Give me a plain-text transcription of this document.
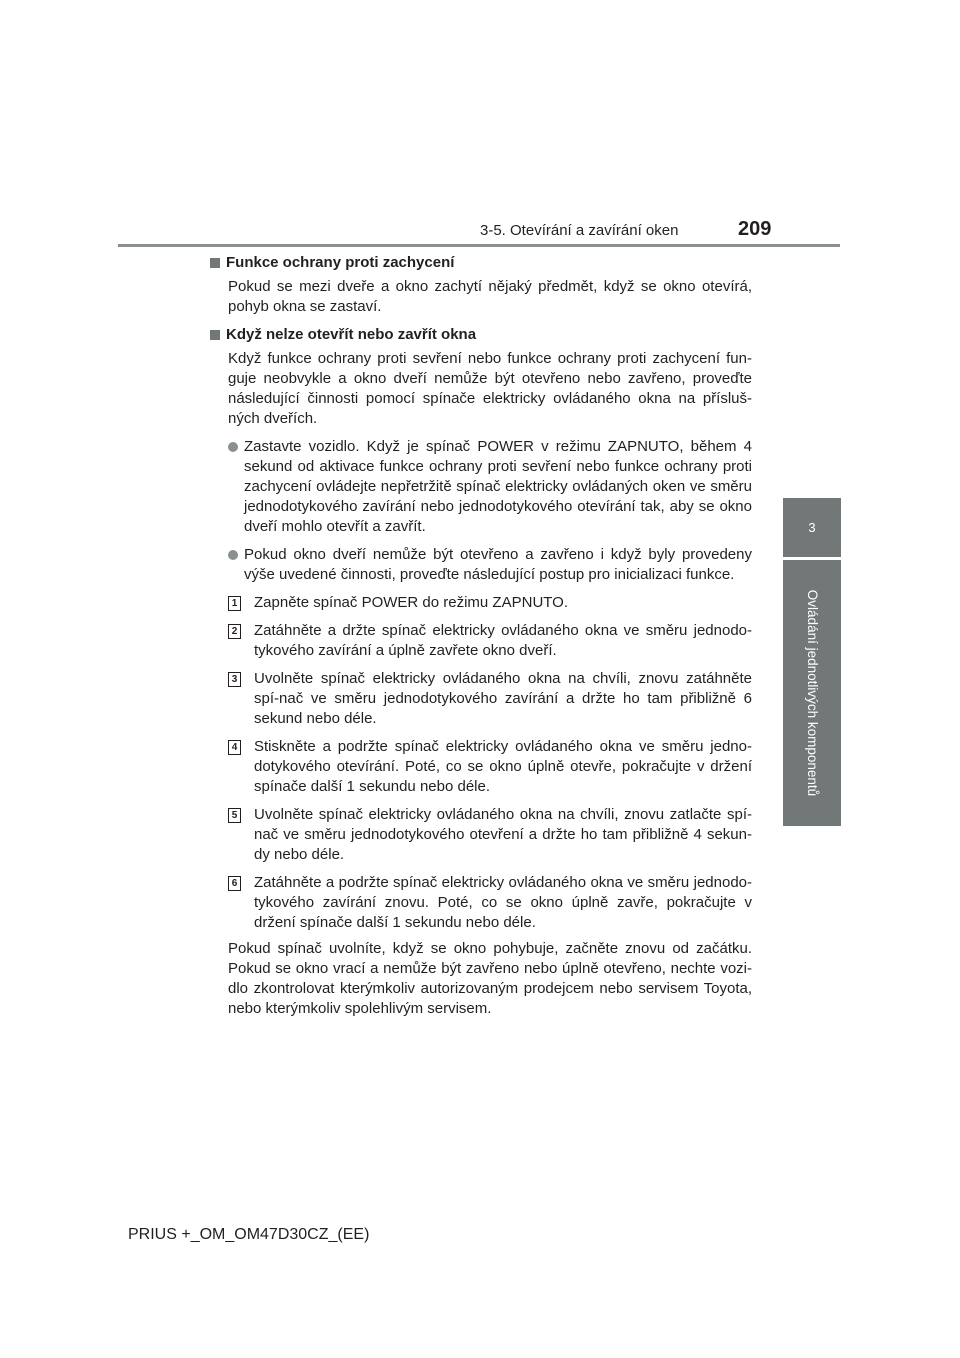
3-5. Otevírání a zavírání oken	209
3
Ovládání jednotlivých komponentů
Funkce ochrany proti zachycení
Pokud se mezi dveře a okno zachytí nějaký předmět, když se okno otevírá, pohyb okna se zastaví.
Když nelze otevřít nebo zavřít okna
Když funkce ochrany proti sevření nebo funkce ochrany proti zachycení fun-guje neobvykle a okno dveří nemůže být otevřeno nebo zavřeno, proveďte následující činnosti pomocí spínače elektricky ovládaného okna na přísluš-ných dveřích.
Zastavte vozidlo. Když je spínač POWER v režimu ZAPNUTO, během 4 sekund od aktivace funkce ochrany proti sevření nebo funkce ochrany proti zachycení ovládejte nepřetržitě spínač elektricky ovládaných oken ve směru jednodotykového zavírání nebo jednodotykového otevírání tak, aby se okno dveří mohlo otevřít a zavřít.
Pokud okno dveří nemůže být otevřeno a zavřeno i když byly provedeny výše uvedené činnosti, proveďte následující postup pro inicializaci funkce.
1 Zapněte spínač POWER do režimu ZAPNUTO.
2 Zatáhněte a držte spínač elektricky ovládaného okna ve směru jednodo-tykového zavírání a úplně zavřete okno dveří.
3 Uvolněte spínač elektricky ovládaného okna na chvíli, znovu zatáhněte spí-nač ve směru jednodotykového zavírání a držte ho tam přibližně 6 sekund nebo déle.
4 Stiskněte a podržte spínač elektricky ovládaného okna ve směru jedno-dotykového otevírání. Poté, co se okno úplně otevře, pokračujte v držení spínače další 1 sekundu nebo déle.
5 Uvolněte spínač elektricky ovládaného okna na chvíli, znovu zatlačte spí-nač ve směru jednodotykového otevření a držte ho tam přibližně 4 sekun-dy nebo déle.
6 Zatáhněte a podržte spínač elektricky ovládaného okna ve směru jednodo-tykového zavírání znovu. Poté, co se okno úplně zavře, pokračujte v držení spínače další 1 sekundu nebo déle.
Pokud spínač uvolníte, když se okno pohybuje, začněte znovu od začátku. Pokud se okno vrací a nemůže být zavřeno nebo úplně otevřeno, nechte vozi-dlo zkontrolovat kterýmkoliv autorizovaným prodejcem nebo servisem Toyota, nebo kterýmkoliv spolehlivým servisem.
PRIUS +_OM_OM47D30CZ_(EE)
